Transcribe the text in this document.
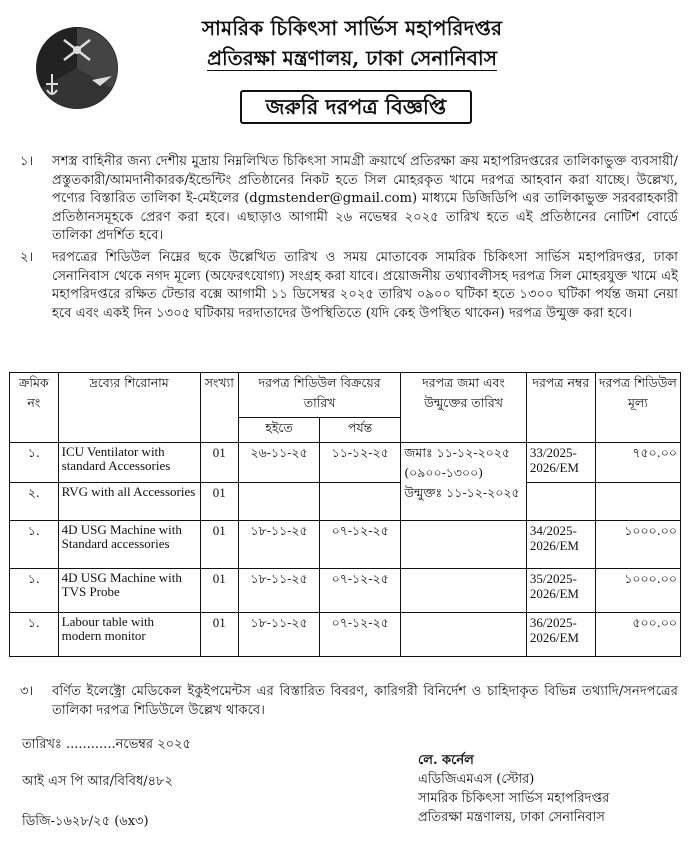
সামরিক চিকিৎসা সার্ভিস মহাপরিদপ্তর
প্রতিরক্ষা মন্ত্রণালয়, ঢাকা সেনানিবাস
জরুরি দরপত্র বিজ্ঞপ্তি
১। সশস্ত্র বাহিনীর জন্য দেশীয় মুদ্রায় নিম্নলিখিত চিকিৎসা সামগ্রী ক্রয়ার্থে প্রতিরক্ষা ক্রয় মহাপরিদপ্তরের তালিকাভুক্ত ব্যবসায়ী/প্রস্তুতকারী/আমদানীকারক/ইন্ডেন্টিং প্রতিষ্ঠানের নিকট হতে সিল মোহরকৃত খামে দরপত্র আহবান করা যাচ্ছে। উল্লেখ্য, পণ্যের বিস্তারিত তালিকা ই-মেইলের (dgmstender@gmail.com) মাধ্যমে ডিজিডিপি এর তালিকাভুক্ত সরবরাহকারী প্রতিষ্ঠানসমূহকে প্রেরণ করা হবে। এছাড়াও আগামী ২৬ নভেম্বর ২০২৫ তারিখ হতে এই প্রতিষ্ঠানের নোটিশ বোর্ডে তালিকা প্রদর্শিত হবে।
২। দরপত্রের শিডিউল নিম্নের ছকে উল্লেখিত তারিখ ও সময় মোতাবেক সামরিক চিকিৎসা সার্ভিস মহাপরিদপ্তর, ঢাকা সেনানিবাস থেকে নগদ মূল্যে (অফেরৎযোগ্য) সংগ্রহ করা যাবে। প্রয়োজনীয় তথ্যাবলীসহ দরপত্র সিল মোহরযুক্ত খামে এই মহাপরিদপ্তরে রক্ষিত টেন্ডার বক্সে আগামী ১১ ডিসেম্বর ২০২৫ তারিখ ০৯০০ ঘটিকা হতে ১৩০০ ঘটিকা পর্যন্ত জমা নেয়া হবে এবং একই দিন ১৩০৫ ঘটিকায় দরদাতাদের উপস্থিতিতে (যদি কেহ উপস্থিত থাকেন) দরপত্র উন্মুক্ত করা হবে।
ক্রমিক নং	দ্রব্যের শিরোনাম	সংখ্যা	দরপত্র শিডিউল বিক্রয়ের তারিখ		দরপত্র জমা এবং উন্মুক্তের তারিখ	দরপত্র নম্বর	দরপত্র শিডিউল মূল্য
			হইতে	পর্যন্ত			
১.	ICU Ventilator with standard Accessories	01	২৬-১১-২৫	১১-১২-২৫	জমাঃ ১১-১২-২০২৫ (০৯০০-১৩০০) উন্মুক্তঃ ১১-১২-২০২৫	33/2025-2026/EM	৭৫০.০০
২.	RVG with all Accessories	01					
১.	4D USG Machine with Standard accessories	01	১৮-১১-২৫	০৭-১২-২৫		34/2025-2026/EM	১০০০.০০
১.	4D USG Machine with TVS Probe	01	১৮-১১-২৫	০৭-১২-২৫		35/2025-2026/EM	১০০০.০০
১.	Labour table with modern monitor	01	১৮-১১-২৫	০৭-১২-২৫		36/2025-2026/EM	৫০০.০০
৩। বর্ণিত ইলেক্ট্রো মেডিকেল ইকুইপমেন্টস এর বিস্তারিত বিবরণ, কারিগরী বিনির্দেশ ও চাহিদাকৃত বিভিন্ন তথ্যাদি/সনদপত্রের তালিকা দরপত্র শিডিউলে উল্লেখ থাকবে।
তারিখঃ ............নভেম্বর ২০২৫
আই এস পি আর/বিবিধ/৪৮২
ডিজি-১৬২৮/২৫ (৬x৩)
লে. কর্নেল
এডিজিএমএস (স্টোর)
সামরিক চিকিৎসা সার্ভিস মহাপরিদপ্তর
প্রতিরক্ষা মন্ত্রণালয়, ঢাকা সেনানিবাস
